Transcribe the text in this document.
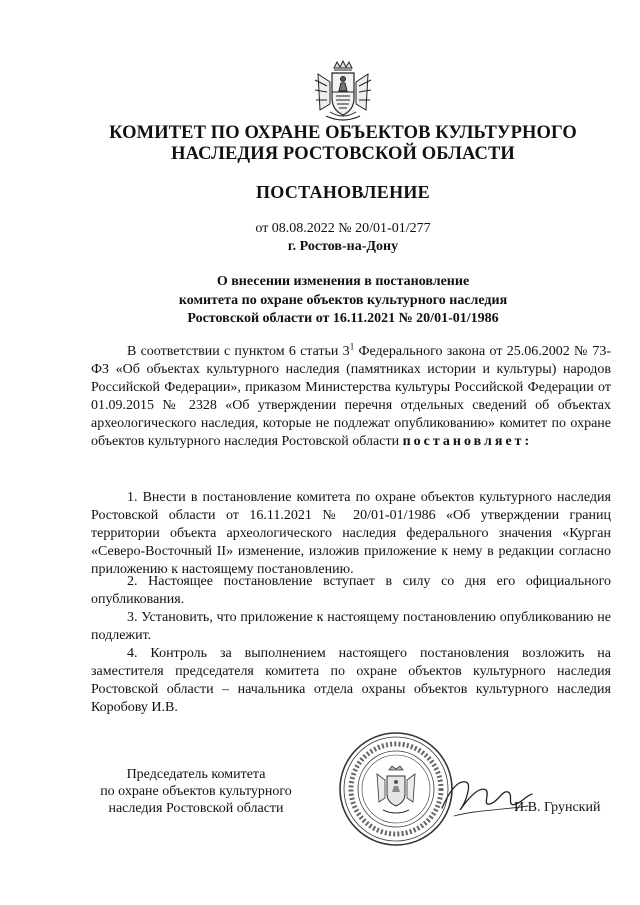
КОМИТЕТ ПО ОХРАНЕ ОБЪЕКТОВ КУЛЬТУРНОГО
НАСЛЕДИЯ РОСТОВСКОЙ ОБЛАСТИ
ПОСТАНОВЛЕНИЕ
от 08.08.2022 № 20/01-01/277
г. Ростов-на-Дону
О внесении изменения в постановление
комитета по охране объектов культурного наследия
Ростовской области от 16.11.2021 № 20/01-01/1986

В соответствии с пунктом 6 статьи $3^1$ Федерального закона от 25.06.2002 № 73-ФЗ «Об объектах культурного наследия (памятниках истории и культуры) народов Российской Федерации», приказом Министерства культуры Российской Федерации от 01.09.2015 № 2328 «Об утверждении перечня отдельных сведений об объектах археологического наследия, которые не подлежат опубликованию» комитет по охране объектов культурного наследия Ростовской области постановляет:

1. Внести в постановление комитета по охране объектов культурного наследия Ростовской области от 16.11.2021 № 20/01-01/1986 «Об утверждении границ территории объекта археологического наследия федерального значения «Курган «Северо-Восточный II» изменение, изложив приложение к нему в редакции согласно приложению к настоящему постановлению.

2. Настоящее постановление вступает в силу со дня его официального опубликования.

3. Установить, что приложение к настоящему постановлению опубликованию не подлежит.

4. Контроль за выполнением настоящего постановления возложить на заместителя председателя комитета по охране объектов культурного наследия Ростовской области – начальника отдела охраны объектов культурного наследия Коробову И.В.

Председатель комитета
по охране объектов культурного
наследия Ростовской области	И.В. Грунский
